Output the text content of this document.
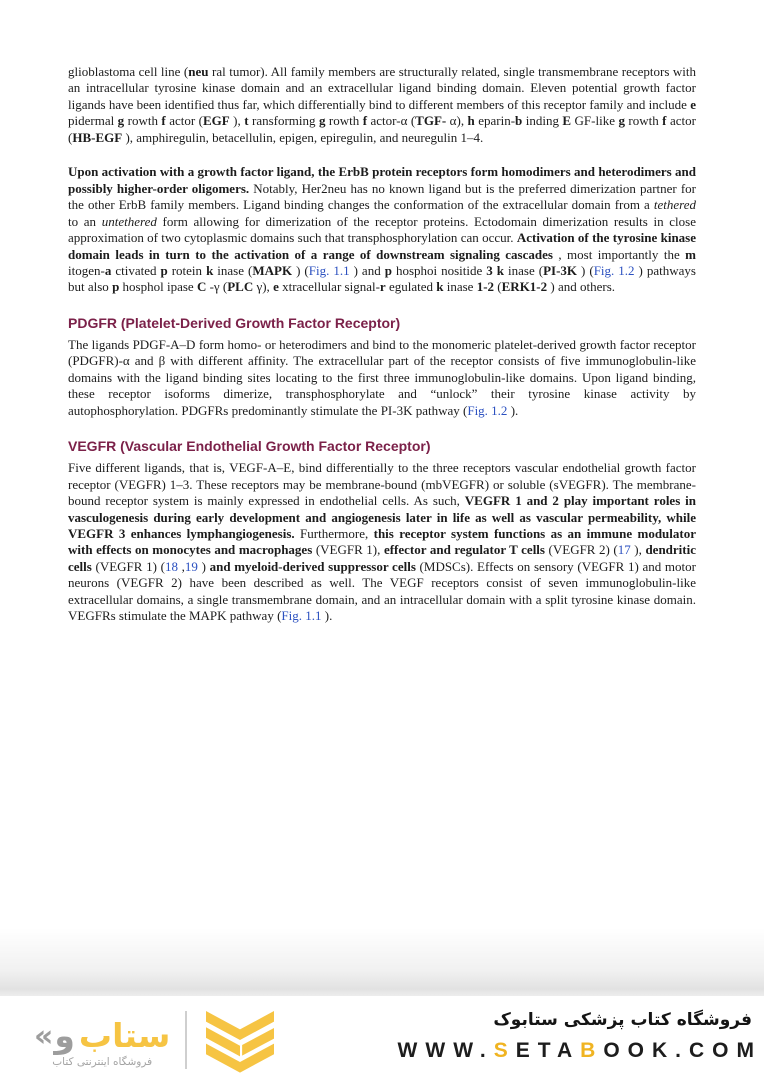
glioblastoma cell line (neu ral tumor). All family members are structurally related, single transmembrane receptors with an intracellular tyrosine kinase domain and an extracellular ligand binding domain. Eleven potential growth factor ligands have been identified thus far, which differentially bind to different members of this receptor family and include e pidermal g rowth f actor (EGF ), t ransforming g rowth f actor-α (TGF- α), h eparin-b inding E GF-like g rowth f actor (HB-EGF ), amphiregulin, betacellulin, epigen, epiregulin, and neuregulin 1–4.

Upon activation with a growth factor ligand, the ErbB protein receptors form homodimers and heterodimers and possibly higher-order oligomers. Notably, Her2neu has no known ligand but is the preferred dimerization partner for the other ErbB family members. Ligand binding changes the conformation of the extracellular domain from a tethered to an untethered form allowing for dimerization of the receptor proteins. Ectodomain dimerization results in close approximation of two cytoplasmic domains such that transphosphorylation can occur. Activation of the tyrosine kinase domain leads in turn to the activation of a range of downstream signaling cascades , most importantly the m itogen-a ctivated p rotein k inase (MAPK ) (Fig. 1.1 ) and p hosphoi nositide 3 k inase (PI-3K ) (Fig. 1.2 ) pathways but also p hosphol ipase C -γ (PLC γ), e xtracellular signal-r egulated k inase 1-2 (ERK1-2 ) and others.

PDGFR (Platelet-Derived Growth Factor Receptor)

The ligands PDGF-A–D form homo- or heterodimers and bind to the monomeric platelet-derived growth factor receptor (PDGFR)-α and β with different affinity. The extracellular part of the receptor consists of five immunoglobulin-like domains with the ligand binding sites locating to the first three immunoglobulin-like domains. Upon ligand binding, these receptor isoforms dimerize, transphosphorylate and “unlock” their tyrosine kinase activity by autophosphorylation. PDGFRs predominantly stimulate the PI-3K pathway (Fig. 1.2 ).

VEGFR (Vascular Endothelial Growth Factor Receptor)

Five different ligands, that is, VEGF-A–E, bind differentially to the three receptors vascular endothelial growth factor receptor (VEGFR) 1–3. These receptors may be membrane-bound (mbVEGFR) or soluble (sVEGFR). The membrane-bound receptor system is mainly expressed in endothelial cells. As such, VEGFR 1 and 2 play important roles in vasculogenesis during early development and angiogenesis later in life as well as vascular permeability, while VEGFR 3 enhances lymphangiogenesis. Furthermore, this receptor system functions as an immune modulator with effects on monocytes and macrophages (VEGFR 1), effector and regulator T cells (VEGFR 2) (17 ), dendritic cells (VEGFR 1) (18 ,19 ) and myeloid-derived suppressor cells (MDSCs). Effects on sensory (VEGFR 1) and motor neurons (VEGFR 2) have been described as well. The VEGF receptors consist of seven immunoglobulin-like extracellular domains, a single transmembrane domain, and an intracellular domain with a split tyrosine kinase domain. VEGFRs stimulate the MAPK pathway (Fig. 1.1 ).

« و ستاب
فروشگاه اینترنتی کتاب
فروشگاه کتاب پزشکی ستابوک
WWW.SETABOOK.COM
